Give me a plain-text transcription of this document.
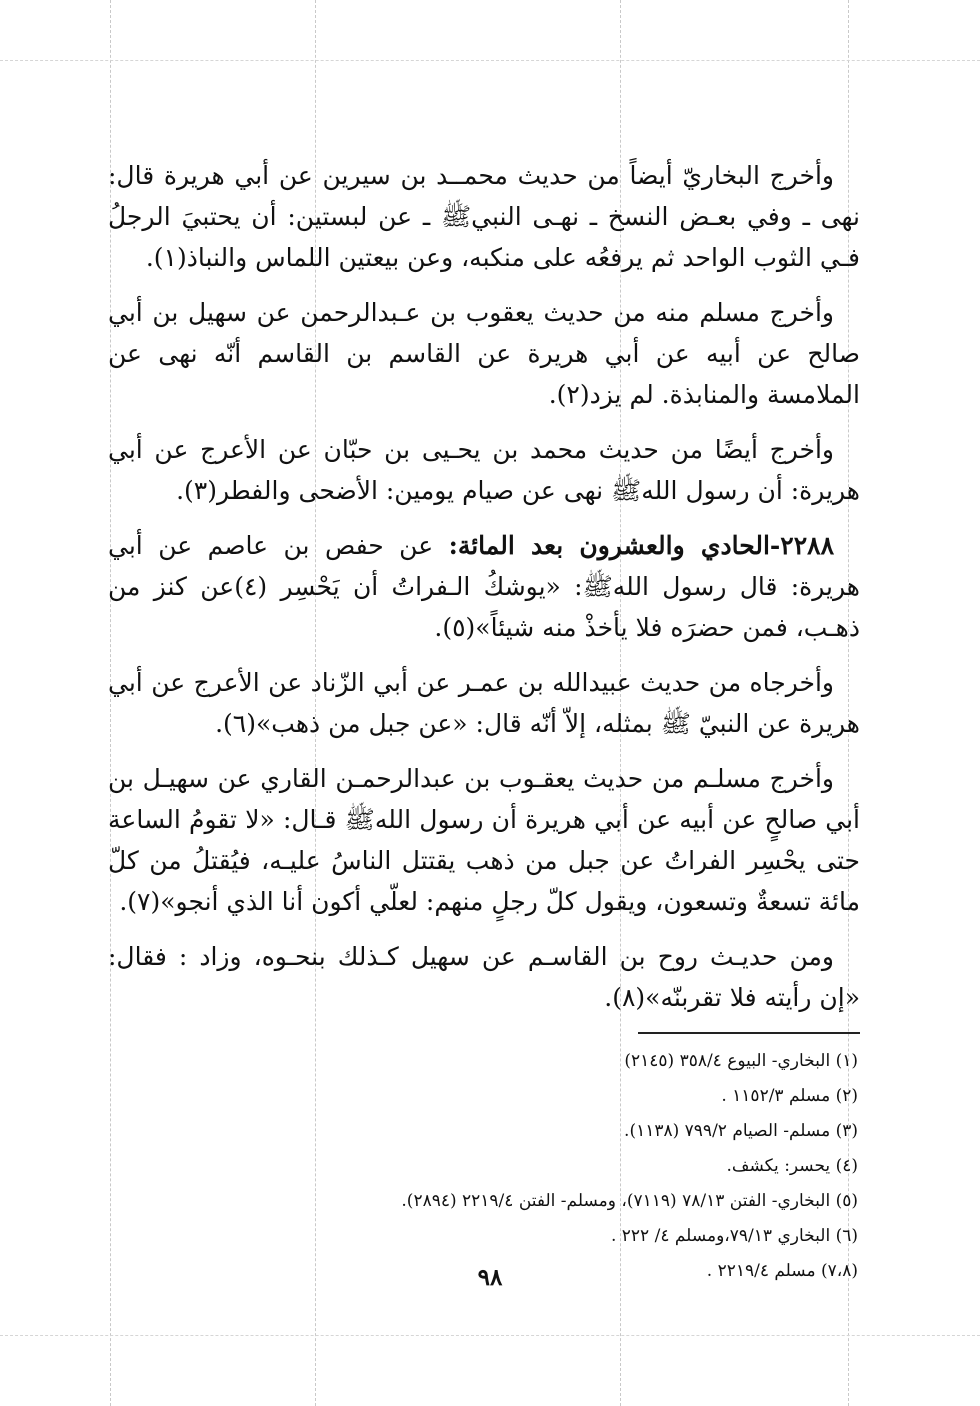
وأخرج البخاريّ أيضاً من حديث محمــد بن سيرين عن أبي هريرة قال: نهى ـ وفي بعـض النسخ ـ نهـى النبيﷺ ـ عن لبستين: أن يحتبيَ الرجلُ فـي الثوب الواحد ثم يرفعُه على منكبه، وعن بيعتين اللماس والنباذ(١).

وأخرج مسلم منه من حديث يعقوب بن عـبدالرحمن عن سهيل بن أبي صالح عن أبيه عن أبي هريرة عن القاسم بن القاسم أنّه نهى عن الملامسة والمنابذة. لم يزد(٢).

وأخرج أيضًا من حديث محمد بن يحـيى بن حبّان عن الأعرج عن أبي هريرة: أن رسول اللهﷺ نهى عن صيام يومين: الأضحى والفطر(٣).

٢٢٨٨-الحادي والعشرون بعد المائة: عن حفص بن عاصم عن أبي هريرة: قال رسول اللهﷺ: «يوشكُ الـفراتُ أن يَحْسِر (٤)عن كنز من ذهـب، فمن حضرَه فلا يأخذْ منه شيئاً»(٥).

وأخرجاه من حديث عبيدالله بن عمـر عن أبي الزّناد عن الأعرج عن أبي هريرة عن النبيّ ﷺ بمثله، إلاّ أنّه قال: «عن جبل من ذهب»(٦).

وأخرج مسلـم من حديث يعقـوب بن عبدالرحمـن القاري عن سهيـل بن أبي صالحٍ عن أبيه عن أبي هريرة أن رسول اللهﷺ قـال: «لا تقومُ الساعة حتى يحْسِر الفراتُ عن جبل من ذهب يقتتل الناسُ عليـه، فيُقتلُ من كلّ مائة تسعةٌ وتسعون، ويقول كلّ رجلٍ منهم: لعلّي أكون أنا الذي أنجو»(٧).

ومن حديـث روح بن القاسـم عن سهيل كـذلك بنحـوه، وزاد : فقال: «إن رأيته فلا تقربنّه»(٨).

(١) البخاري- البيوع ٣٥٨/٤ (٢١٤٥)

(٢) مسلم ١١٥٢/٣ .

(٣) مسلم- الصيام ٧٩٩/٢ (١١٣٨).

(٤) يحسر: يكشف.

(٥) البخاري- الفتن ٧٨/١٣ (٧١١٩)، ومسلم- الفتن ٢٢١٩/٤ (٢٨٩٤).

(٦) البخاري ٧٩/١٣،ومسلم ٤/ ٢٢٢ .

(٧،٨) مسلم ٢٢١٩/٤ .

٩٨
